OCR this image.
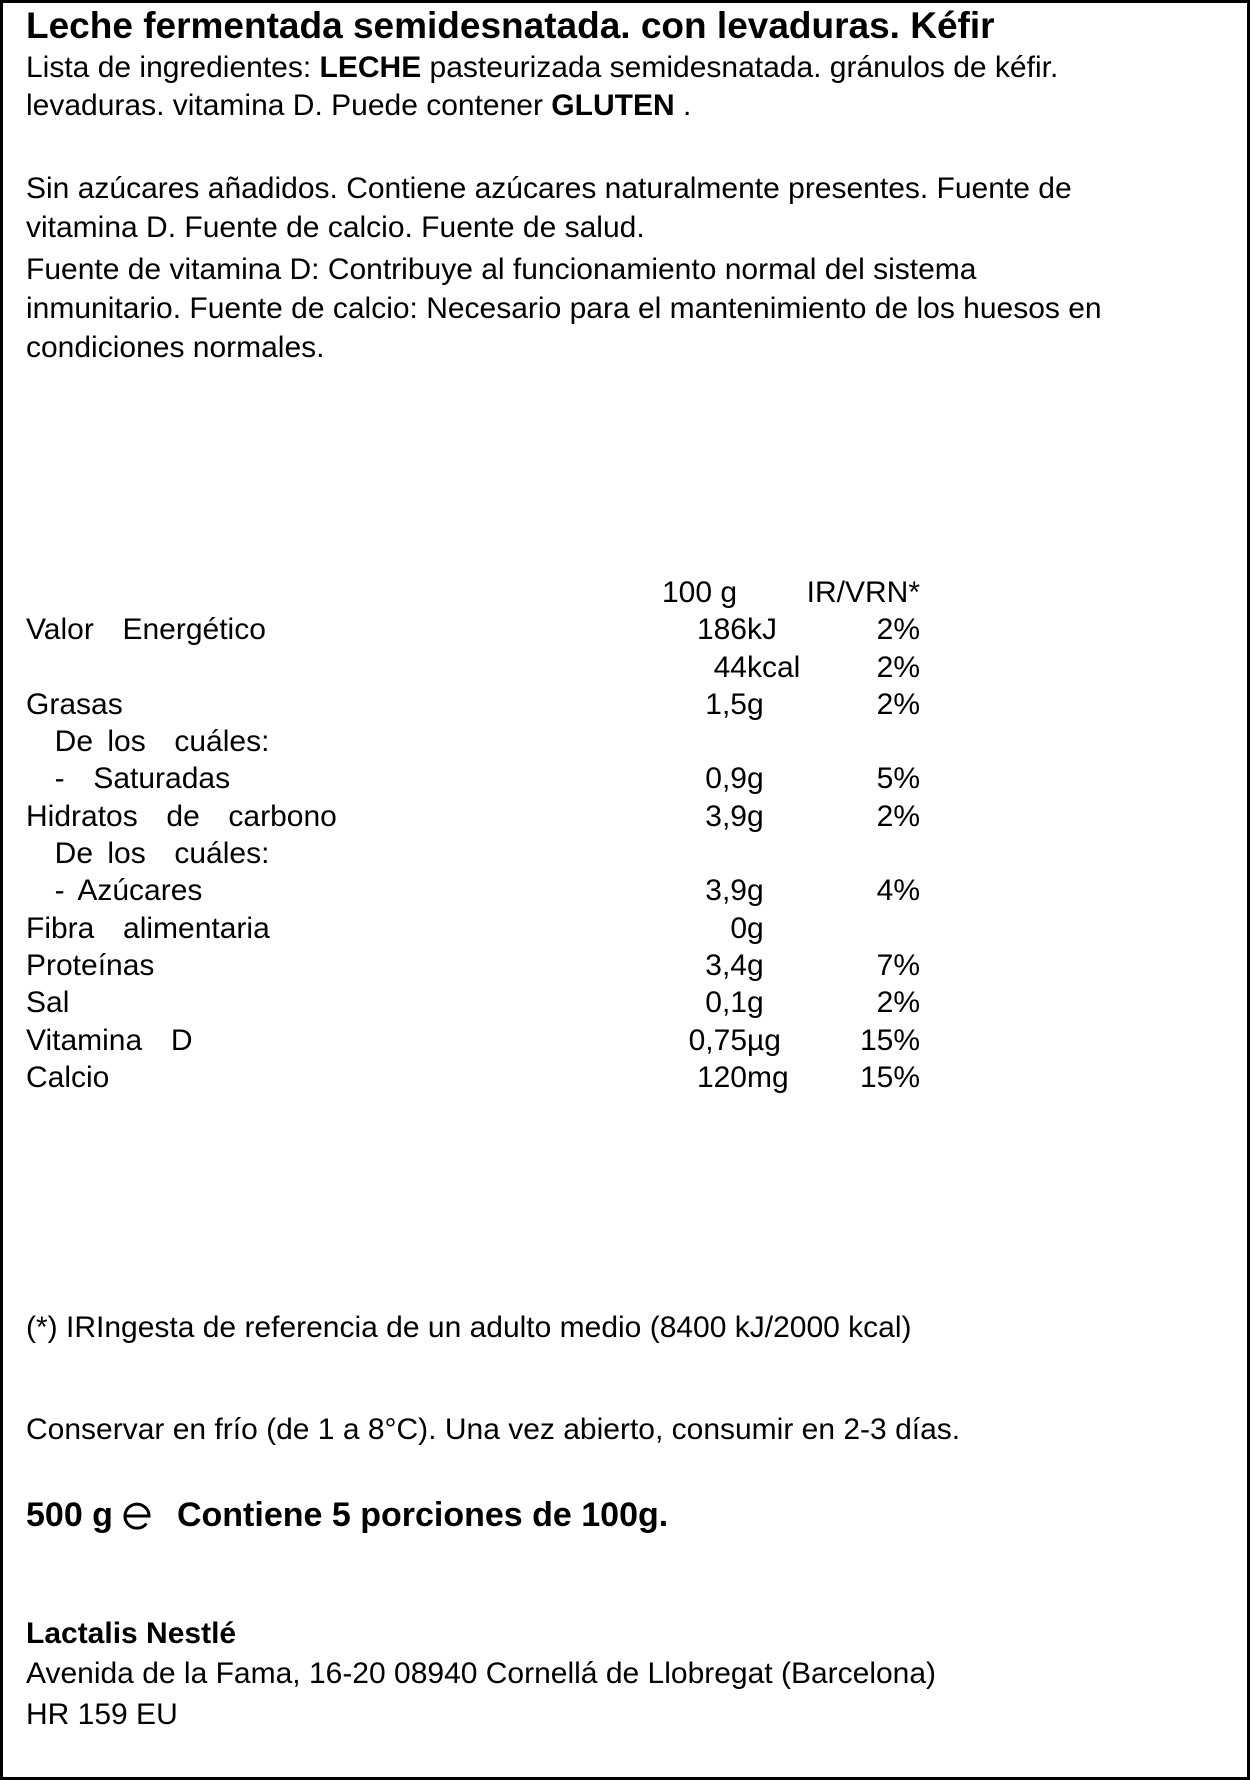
Leche fermentada semidesnatada. con levaduras. Kéfir
Lista de ingredientes: LECHE pasteurizada semidesnatada. gránulos de kéfir.
levaduras. vitamina D. Puede contener GLUTEN .
Sin azúcares añadidos. Contiene azúcares naturalmente presentes. Fuente de
vitamina D. Fuente de calcio. Fuente de salud.
Fuente de vitamina D: Contribuye al funcionamiento normal del sistema
inmunitario. Fuente de calcio: Necesario para el mantenimiento de los huesos en
condiciones normales.
100 g IR/VRN*
Valor  Energético	186 kJ	2%
44 kcal	2%
Grasas	1,5 g	2%
De los  cuáles:
-  Saturadas	0,9 g	5%
Hidratos  de  carbono	3,9 g	2%
De los  cuáles:
- Azúcares	3,9 g	4%
Fibra  alimentaria	0 g
Proteínas	3,4 g	7%
Sal	0,1 g	2%
Vitamina  D	0,75 µg	15%
Calcio	120 mg 15%
(*) IRIngesta de referencia de un adulto medio (8400 kJ/2000 kcal)
Conservar en frío (de 1 a 8°C). Una vez abierto, consumir en 2-3 días.
500 g Contiene 5 porciones de 100g.
Lactalis Nestlé
Avenida de la Fama, 16-20 08940 Cornellá de Llobregat (Barcelona)
HR 159 EU
